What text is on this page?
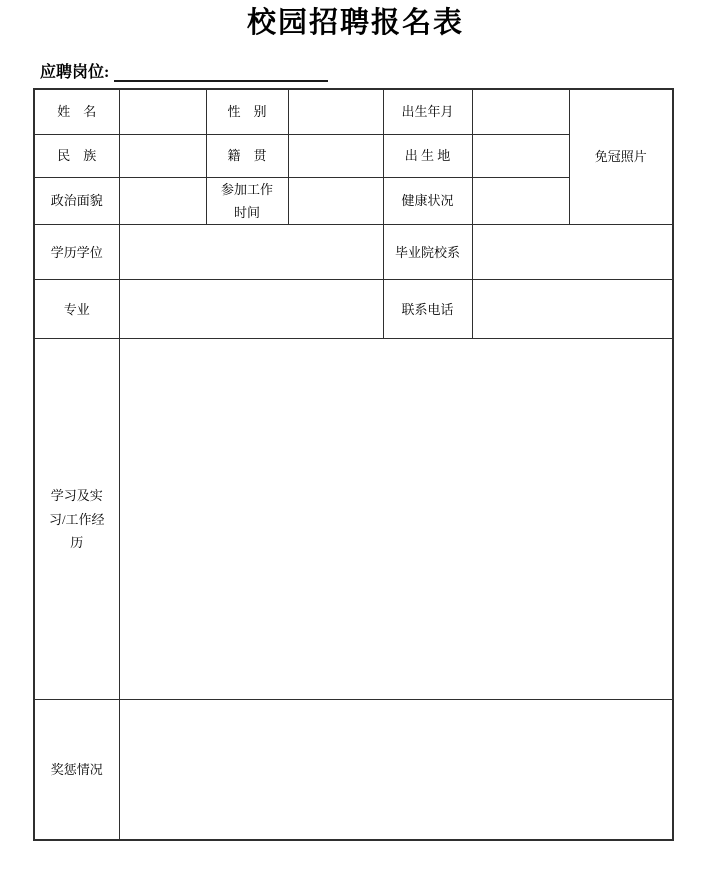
校园招聘报名表
应聘岗位:
姓　名		性　别		出生年月		免冠照片
民　族		籍　贯		出 生 地		
政治面貌		参加工作时间		健康状况		
学历学位				毕业院校系		
专业				联系电话		

学习及实习/工作经历						

奖惩情况						
